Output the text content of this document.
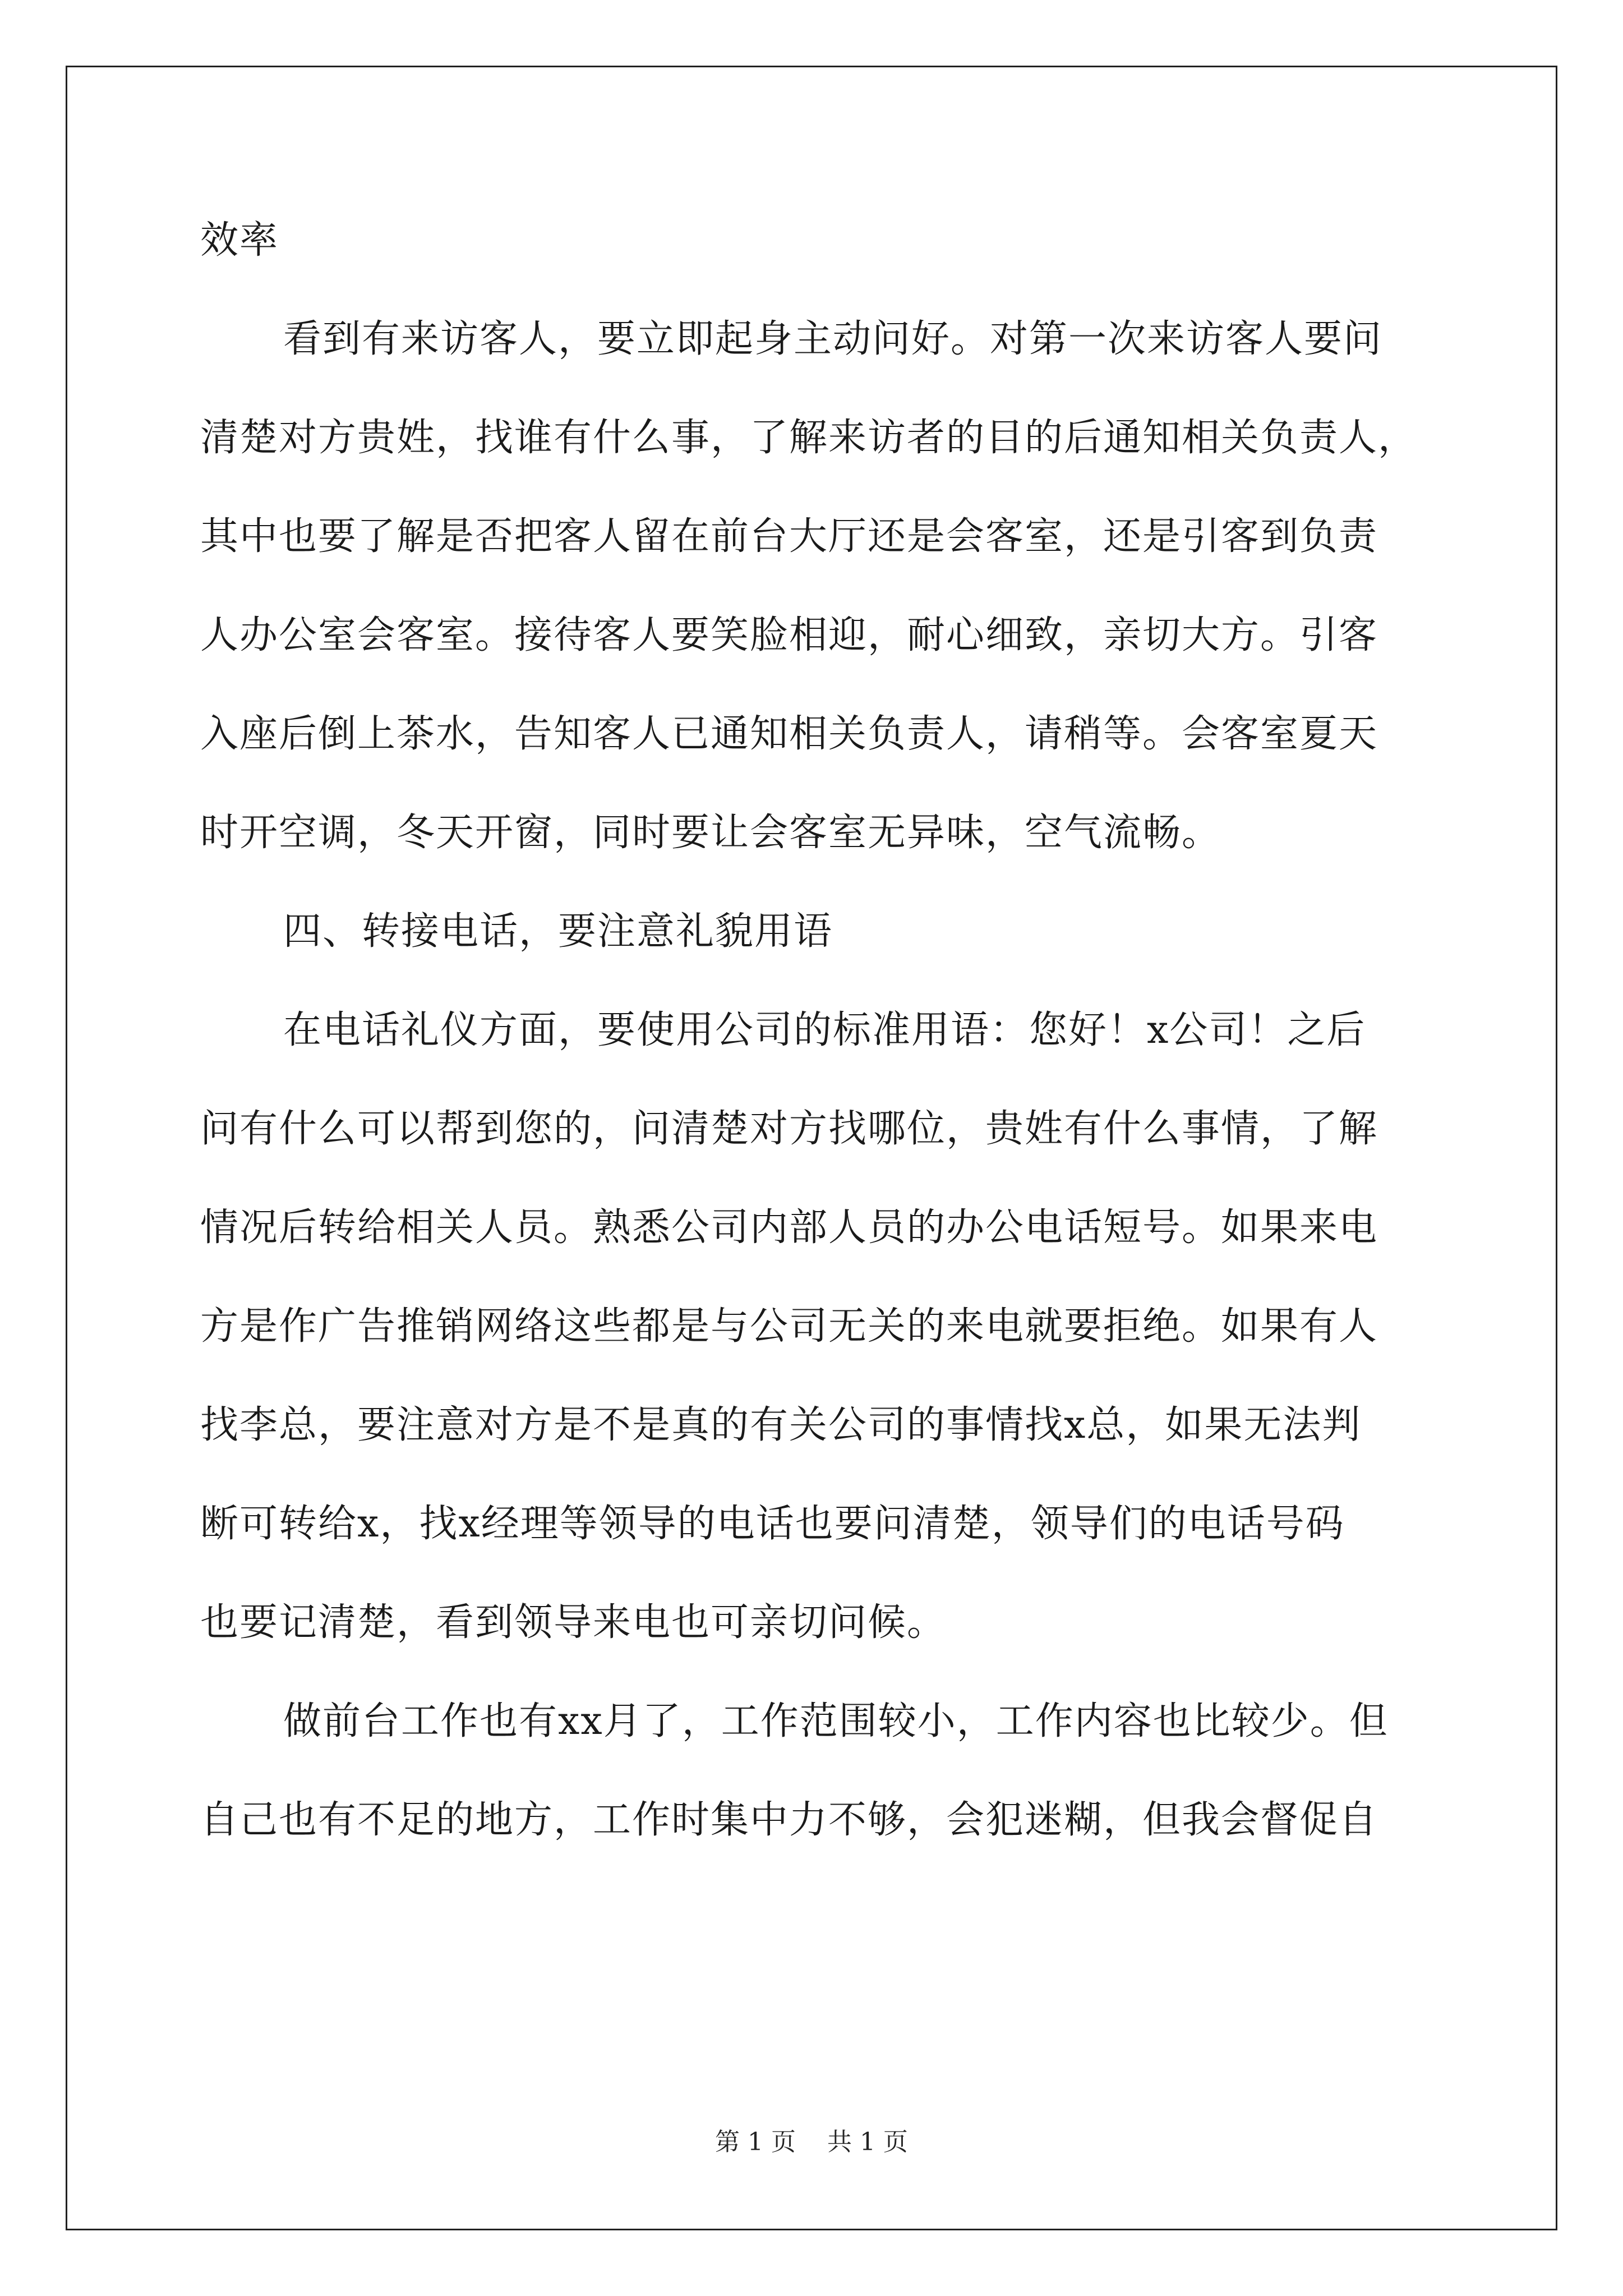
效率
看到有来访客人，要立即起身主动问好。对第一次来访客人要问
清楚对方贵姓，找谁有什么事，了解来访者的目的后通知相关负责人，
其中也要了解是否把客人留在前台大厅还是会客室，还是引客到负责
人办公室会客室。接待客人要笑脸相迎，耐心细致，亲切大方。引客
入座后倒上茶水，告知客人已通知相关负责人，请稍等。会客室夏天
时开空调，冬天开窗，同时要让会客室无异味，空气流畅。
四、转接电话，要注意礼貌用语
在电话礼仪方面，要使用公司的标准用语：您好！x公司！之后
问有什么可以帮到您的，问清楚对方找哪位，贵姓有什么事情，了解
情况后转给相关人员。熟悉公司内部人员的办公电话短号。如果来电
方是作广告推销网络这些都是与公司无关的来电就要拒绝。如果有人
找李总，要注意对方是不是真的有关公司的事情找x总，如果无法判
断可转给x，找x经理等领导的电话也要问清楚，领导们的电话号码
也要记清楚，看到领导来电也可亲切问候。
做前台工作也有xx月了，工作范围较小，工作内容也比较少。但
自己也有不足的地方，工作时集中力不够，会犯迷糊，但我会督促自
第 1 页    共 1 页
